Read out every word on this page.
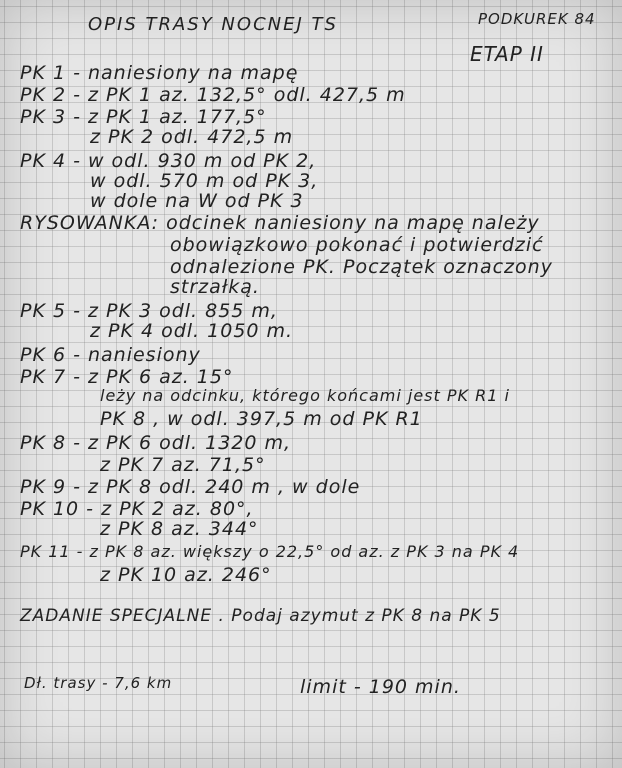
OPIS TRASY NOCNEJ TS	PODKUREK 84
ETAP II
PK 1 - naniesiony na mapę
PK 2 - z PK 1 az. 132,5° odl. 427,5 m
PK 3 - z PK 1 az. 177,5°
z PK 2 odl. 472,5 m
PK 4 - w odl. 930 m od PK 2,
w odl. 570 m od PK 3,
w dole na W od PK 3
RYSOWANKA: odcinek naniesiony na mapę należy
obowiązkowo pokonać i potwierdzić
odnalezione PK. Początek oznaczony
strzałką.
PK 5 - z PK 3 odl. 855 m,
z PK 4 odl. 1050 m.
PK 6 - naniesiony
PK 7 - z PK 6 az. 15°
leży na odcinku, którego końcami jest PK R1 i
PK 8 , w odl. 397,5 m od PK R1
PK 8 - z PK 6 odl. 1320 m,
z PK 7 az. 71,5°
PK 9 - z PK 8 odl. 240 m , w dole
PK 10 - z PK 2 az. 80°,
z PK 8 az. 344°
PK 11 - z PK 8 az. większy o 22,5° od az. z PK 3 na PK 4
z PK 10 az. 246°
ZADANIE SPECJALNE . Podaj azymut z PK 8 na PK 5
Dł. trasy - 7,6 km	limit - 190 min.
